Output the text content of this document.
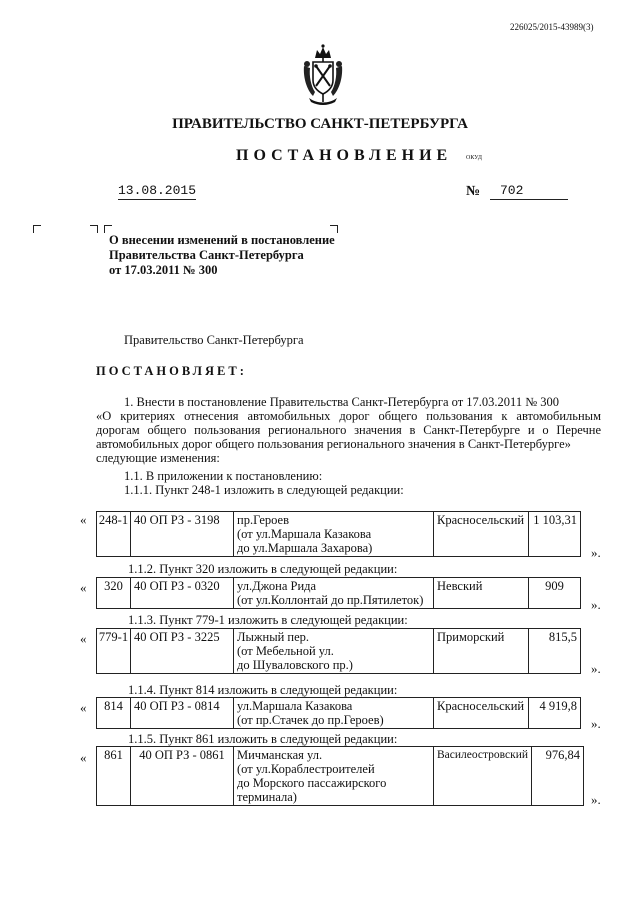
226025/2015-43989(3)
ПРАВИТЕЛЬСТВО САНКТ-ПЕТЕРБУРГА
ПОСТАНОВЛЕНИЕ ОКУД
13.08.2015	№	702
О внесении изменений в постановление
Правительства Санкт-Петербурга
от 17.03.2011 № 300
Правительство Санкт-Петербурга
ПОСТАНОВЛЯЕТ:

1. Внести в постановление Правительства Санкт-Петербурга от 17.03.2011 № 300

«О критериях отнесения автомобильных дорог общего пользования к автомобильным дорогам общего пользования регионального значения в Санкт-Петербурге и о Перечне автомобильных дорог общего пользования регионального значения в Санкт-Петербурге»

следующие изменения:

1.1. В приложении к постановлению:
1.1.1. Пункт 248-1 изложить в следующей редакции:
« 248-1	40 ОП РЗ - 3198	пр.Героев
(от ул.Маршала Казакова
до ул.Маршала Захарова)
	Красносельский	1 103,31
».
1.1.2. Пункт 320 изложить в следующей редакции:
« 320	40 ОП РЗ - 0320	ул.Джона Рида
(от ул.Коллонтай до пр.Пятилеток)
	Невский	909
».
1.1.3. Пункт 779-1 изложить в следующей редакции:
« 779-1	40 ОП РЗ - 3225	Лыжный пер.
(от Мебельной ул.
до Шуваловского пр.)
	Приморский	815,5
».
1.1.4. Пункт 814 изложить в следующей редакции:
« 814	40 ОП РЗ - 0814	ул.Маршала Казакова
(от пр.Стачек до пр.Героев)
	Красносельский	4 919,8
».
1.1.5. Пункт 861 изложить в следующей редакции:
« 861	40 ОП РЗ - 0861	Мичманская ул.
(от ул.Кораблестроителей
до Морского пассажирского
терминала)
	Василеостровский	976,84
».
